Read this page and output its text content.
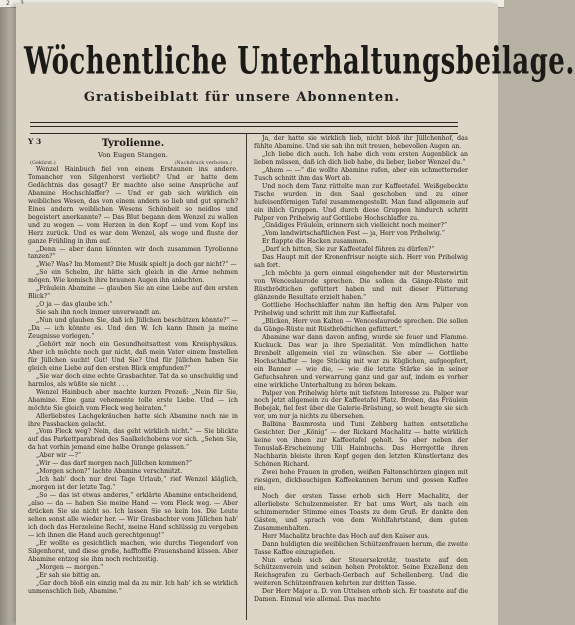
2
Wöchentliche Unterhaltungsbeilage.
Gratisbeiblatt für unsere Abonnenten.
Y 3	Tyrolienne.
Von Eugen Stangen.
(Gekürzt.)	(Nachdruck verboten.)

Wenzel Hainbuch fiel von einem Erstaunen ins andere. Tomancher von Silgenhorst verliebt? Und er hatte dem Gedächtnis das gesagt? Er machte also seine Ansprüche auf Abamine Hochschlaffer? — Und er gab sich wirklich ein weibliches Wesen, das von einem andern so lieb und gut sprach? Eines andern weiblichen Wesens Schönheit so neidlos und begeistert anerkannte? — Das Blut begann dem Wenzel zu wallen und zu wogen — vom Herzen in den Kopf — und vom Kopf ins Herz zurück. Und es war dem Wenzel, als woge und fluste der ganze Frühling in ihm auf.

„Denn — aber dann könnten wir doch zusammen Tyrolienne tanzen?“

„Wie? Was? Im Moment? Die Musik spielt ja doch gar nicht?“ —

„So ein Schelm, ihr hätte sich gleich in die Arme nehmen mögen. Wie komisch ihre braunen Augen ihn anlachten.

„Fräulein Abamine — glauben Sie an eine Liebe auf den ersten Blick?“

„O ja — das glaube ich.“

Sie sah ihn noch immer unverwandt an.

„Nun und glauben Sie, daß ich Jüllchen beschützen könnte?“ — „Da — ich könnte es. Und den W. Ich kann Ihnen ja meine Zeugnisse vorlegen.“

„Gehört mir noch ein Gesundheitsattest vom Kreisphysikus. Aber ich möchte noch gar nicht, daß mein Vater einem Imstellen für Jüllchen sucht! Gut! Und Sie? Und für Jüllchen haben Sie gleich eine Liebe auf den ersten Blick empfunden?“

„Sie war doch eine echte Grasbachter. Tat da so unschuldig und harmlos, als wüßte sie nicht . . .

Wenzel Hainbuch aber machte kurzen Prozeß: „Nein für Sie, Abamine. Eine ganz vehemente tolle erste Liebe. Und — ich möchte Sie gleich vom Fleck weg heiraten.“

Allerliebstes Lachgekräuchen hatte sich Abamine noch nie in ihre Passbacken gelacht.

„Vom Fleck weg? Nein, das geht wirklich nicht.“ — Sie blickte auf das Parkettparabrad des Saalkelchobens vor sich. „Sehen Sie, da hat vorhin jemand eine halbe Orange gelassen.“

„Aber wir —?“

„Wir — das darf morgen nach Jüllchen kommen?“

„Morgen schon?“ lachte Abamine verschmitzt.

„Ich hab' doch nur drei Tage Urlaub,“ rief Wenzel kläglich, „morgen ist der letzte Tag.“

„So — das ist etwas anderes,“ erklärte Abamine entscheidend, „also — da — haben Sie meine Hand — vom Fleck weg. — Aber drücken Sie sie nicht so. Ich lassen Sie so kein los. Die Leute sehen sonst alle wieder her. — Wir Grasbachter vom Jüllchen hab' ich doch das Herzeleine Recht, meine Hand schlüssig zu vergeben — ich ihnen die Hand auch gerechtgenug!“

„Er wollte es gesichtlich machen, wie durchs Tiegendorf von Silgenhorst, und diese große, hafftoffle Frauenshand küssen. Aber Abamine entzog sie ihm noch rechtzeitig.

„Morgen — morgen.“

„Er sah sie bittig an.

„Gar doch bloß ein einzig mal da zu mir. Ich hab' ich se wirklich unmenschlich lieb, Abamine.“

Ja, der hatte sie wirklich lieb, nicht bloß ihr Jüllchenhof, das fühlte Abamine. Und sie sah ihn mit treuen, hebevollen Augen an.

„Ich liebe dich auch. Ich habe dich vom ersten Augenblick an lieben müssen, daß ich dich lieb habe, du lieber, lieber Wenzel du.“

„Ahem — —“ die wollte Abamine rufen, aber ein schmetternder Tusch schnitt ihm das Wort ab.

Und noch dem Tanz rüttelte man zur Kaffeetafel. Weißgebeckte Tische wurden in den Saal geschoben und zu einer hufeisenförmigen Tafel zusammengestellt. Man fand allgemein auf ein ihlich Gruppen. Und durch diese Gruppen hindurch schritt Palper von Prihelwig auf Gottliebe Hochschlaffer zu.

„Gnädiges Fräulein, erinnern sich vielleicht noch meiner?“

„Vom landwirtschaftlichen Fest — ja, Herr von Prihelwig.“

Er flappte die Hacken zusammen.

„Darf ich bitten, Sie zur Kaffeetafel führen zu dürfen?“

Das Haupt mit der Kronenfrisur neigte sich. Herr von Prihelwig sah fort.

„Ich möchte ja gern einmal eingehender mit der Musterwirtin von Wenceslaurode sprechen. Die sollen da Gänge-Rüste mit Rüstbrödtichen gefüttert haben und mit dieser Fütterung glänzende Resultate erzielt haben.“

Gottliebe Hochschlaffer nahm ihn heftig den Arm Palper von Prihelwig und schritt mit ihm zur Kaffeetafel.

„Blicken, Herr von Kalten — Wenceslaurode sprechen. Die sollen da Gänge-Rüste mit Rüstbrödtichen gefüttert.“

Abamine war dann davon anfing, wurde sie feuer und Flamme. Kuckuck. Das war ja ihre Spezialität. Von mündlichen hatte Brenbelt allgemein viel zu wünschen. Sie aber — Gottliebe Hochschlaffer — lege Stückig mit war zu Küglichen, aufgeopfert, ein Banner — wie die, — wie die letzte Stärke sie in seiner Gefuchsahren und verwarrung ganz und gar auf, indem es vorher eine wirkliche Unterhaltung zu hören bekam.

Palper von Prihelwig hörte mit tiefstem Interesse zu. Palper war noch jetzt allgemein zu der Kaffeetafel Platz. Broben, das Fräulein Bobejak, fiel fest über die Galerie-Brüstung, so weit beugte sie sich vor, um nur ja nichts zu übersehen.

Balbina Baumrosta und Tuni Zehberg hatten entsetzliche Gesichter. Der „König“ — der Rickard Machalitz — hatte wirklich keine von ihnen zur Kaffeetafel geholt. So aber neben der Tonuslaß-Erscheinung Ulli Hainbuchs. Das Herrgottle ihren Nachbarin bleiste ihren Kopf gegen den letzten Künstlertanz des Schönen Richard.

Zwei hohe Frauen in großen, weißen Faltenschürzen gingen mit riesigen, dickbauchigen Kaffeekannen herum und gossen Kaffee ein.

Noch der ersten Tasse erhob sich Herr Machalitz, der allerliebste Schulzenmeister. Er bat ums Wort, als nach ein schimmernder Stimme eines Toasts zu dem Gruß. Er dankte den Gästen, und sprach von dem Wohlfahrtstand, dem guten Zusammenhalten.

Herr Machalitz brachte das Hoch auf den Kaiser aus.

Dann huldigten die weiblichen Schützenfrauen herum, die zweite Tasse Kaffee einzugießen.

Nun erhob sich der Steuersekretär, toastete auf den Schützenverein und seinen hohen Protektor. Seine Exzellenz den Reichsgrafen zu Gerbach-Gerbach auf Schellenberg. Und die weiteren Schützenfrauen kehrten zur dritten Tasse.

Der Herr Major a. D. von Uttelsen erhob sich. Er toastete auf die Damen. Einmal wie allemal. Das machte
